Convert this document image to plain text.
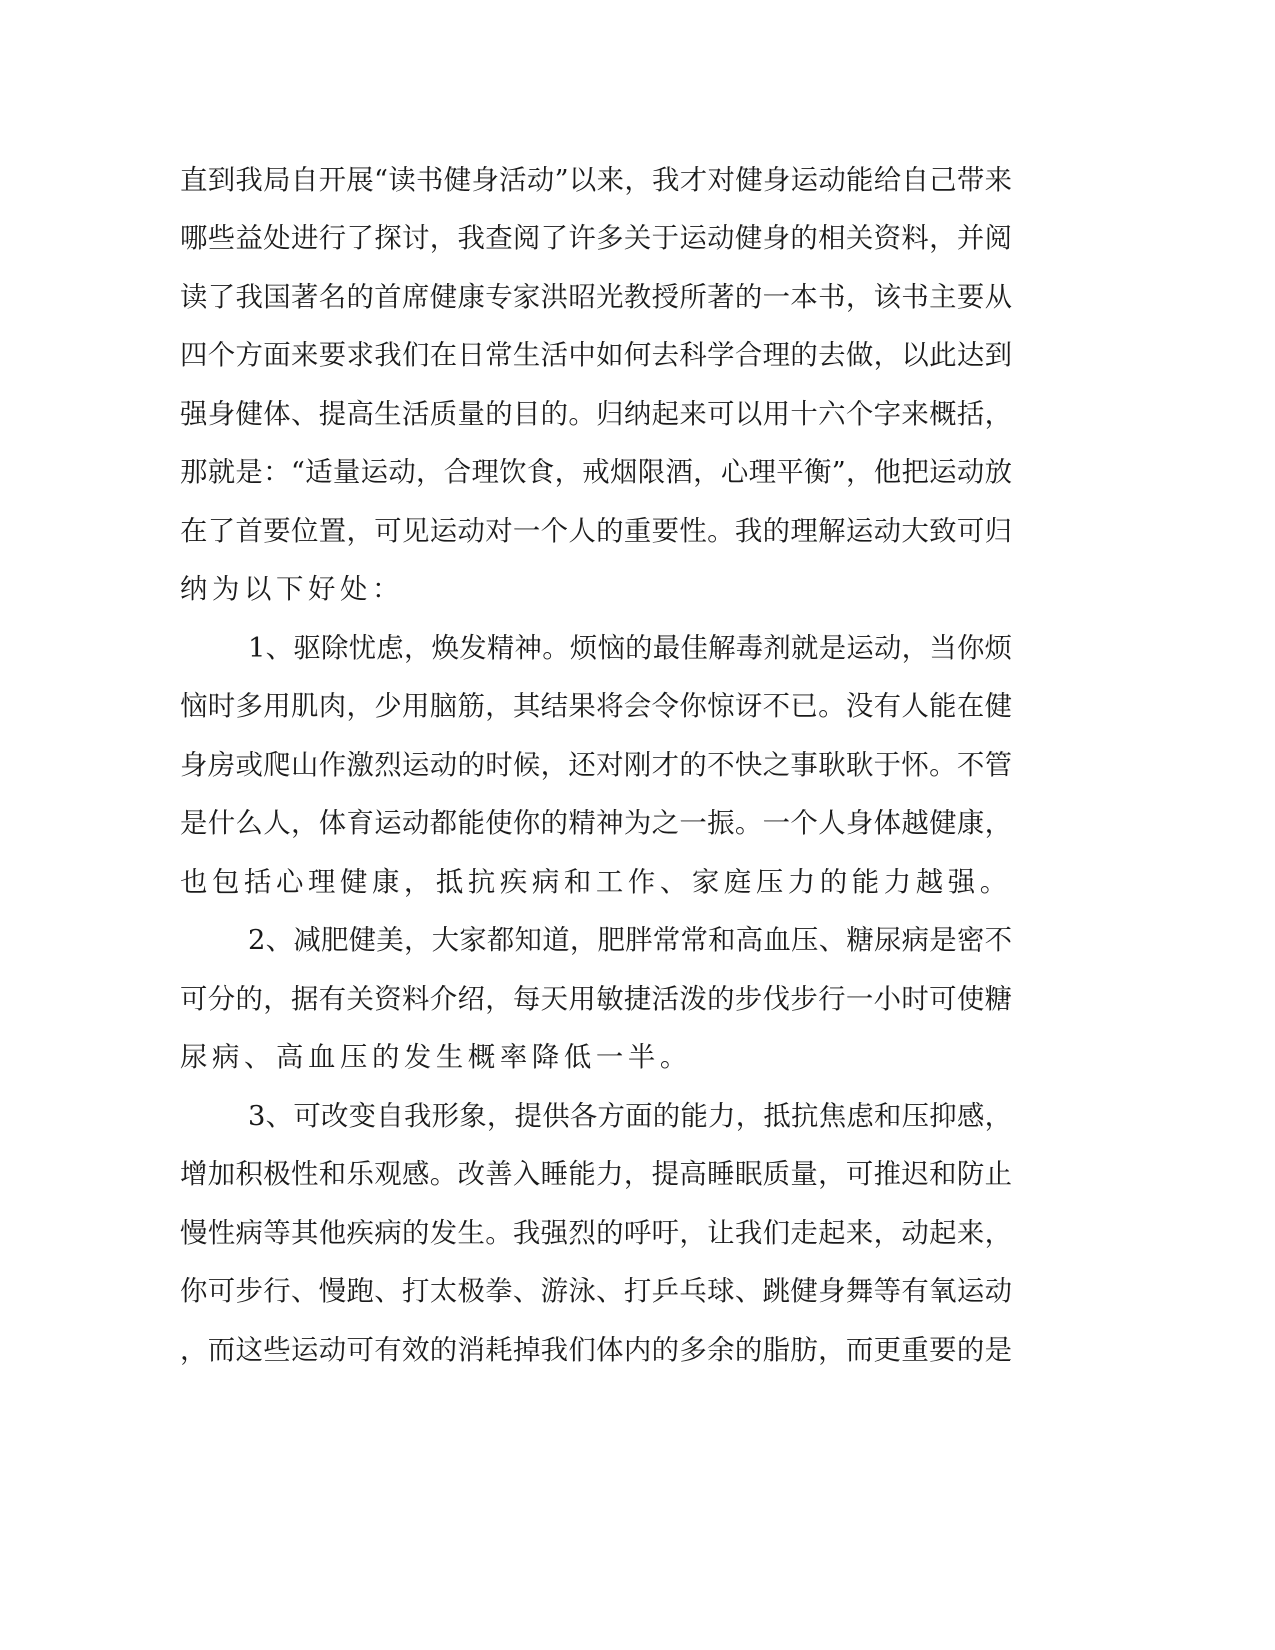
直到我局自开展“读书健身活动”以来，我才对健身运动能给自己带来
哪些益处进行了探讨，我查阅了许多关于运动健身的相关资料，并阅
读了我国著名的首席健康专家洪昭光教授所著的一本书，该书主要从
四个方面来要求我们在日常生活中如何去科学合理的去做，以此达到
强身健体、提高生活质量的目的。归纳起来可以用十六个字来概括，
那就是：“适量运动，合理饮食，戒烟限酒，心理平衡”，他把运动放
在了首要位置，可见运动对一个人的重要性。我的理解运动大致可归
纳为以下好处：
1、驱除忧虑，焕发精神。烦恼的最佳解毒剂就是运动，当你烦
恼时多用肌肉，少用脑筋，其结果将会令你惊讶不已。没有人能在健
身房或爬山作激烈运动的时候，还对刚才的不快之事耿耿于怀。不管
是什么人，体育运动都能使你的精神为之一振。一个人身体越健康，
也包括心理健康，抵抗疾病和工作、家庭压力的能力越强。
2、减肥健美，大家都知道，肥胖常常和高血压、糖尿病是密不
可分的，据有关资料介绍，每天用敏捷活泼的步伐步行一小时可使糖
尿病、高血压的发生概率降低一半。
3、可改变自我形象，提供各方面的能力，抵抗焦虑和压抑感，
增加积极性和乐观感。改善入睡能力，提高睡眠质量，可推迟和防止
慢性病等其他疾病的发生。我强烈的呼吁，让我们走起来，动起来，
你可步行、慢跑、打太极拳、游泳、打乒乓球、跳健身舞等有氧运动
，而这些运动可有效的消耗掉我们体内的多余的脂肪，而更重要的是
